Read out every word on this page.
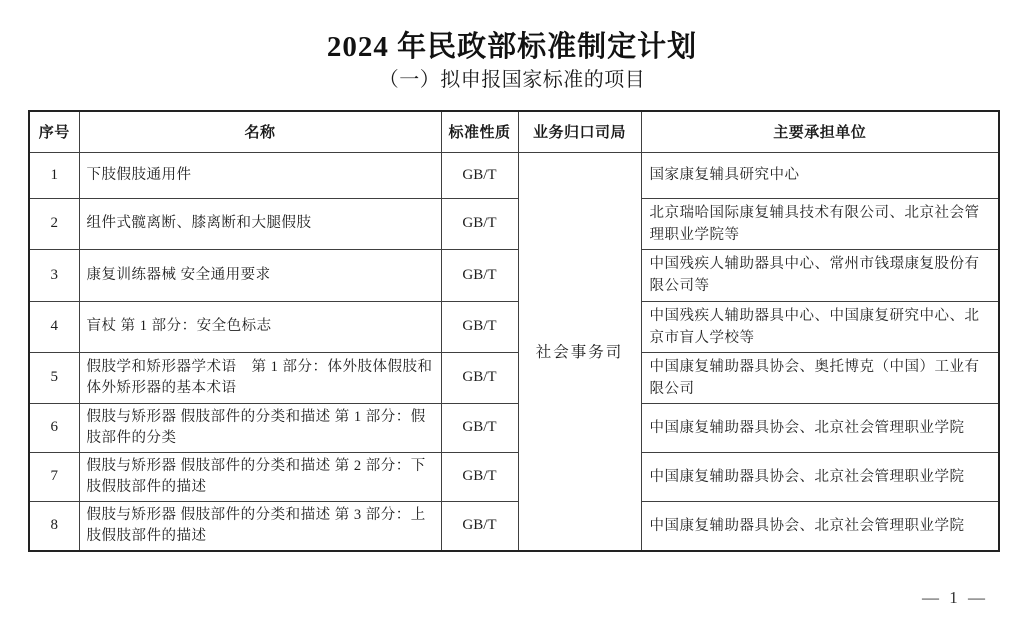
2024 年民政部标准制定计划
（一）拟申报国家标准的项目
序号	名称	标准性质	业务归口司局	主要承担单位
1	下肢假肢通用件	GB/T	社会事务司	国家康复辅具研究中心
2	组件式髋离断、膝离断和大腿假肢	GB/T		北京瑞哈国际康复辅具技术有限公司、北京社会管理职业学院等
3	康复训练器械 安全通用要求	GB/T		中国残疾人辅助器具中心、常州市钱璟康复股份有限公司等
4	盲杖 第 1 部分：安全色标志	GB/T		中国残疾人辅助器具中心、中国康复研究中心、北京市盲人学校等
5	假肢学和矫形器学术语　第 1 部分：体外肢体假肢和体外矫形器的基本术语	GB/T		中国康复辅助器具协会、奥托博克（中国）工业有限公司
6	假肢与矫形器 假肢部件的分类和描述 第 1 部分：假肢部件的分类	GB/T		中国康复辅助器具协会、北京社会管理职业学院
7	假肢与矫形器 假肢部件的分类和描述 第 2 部分：下肢假肢部件的描述	GB/T		中国康复辅助器具协会、北京社会管理职业学院
8	假肢与矫形器 假肢部件的分类和描述 第 3 部分：上肢假肢部件的描述	GB/T		中国康复辅助器具协会、北京社会管理职业学院
— 1 —
